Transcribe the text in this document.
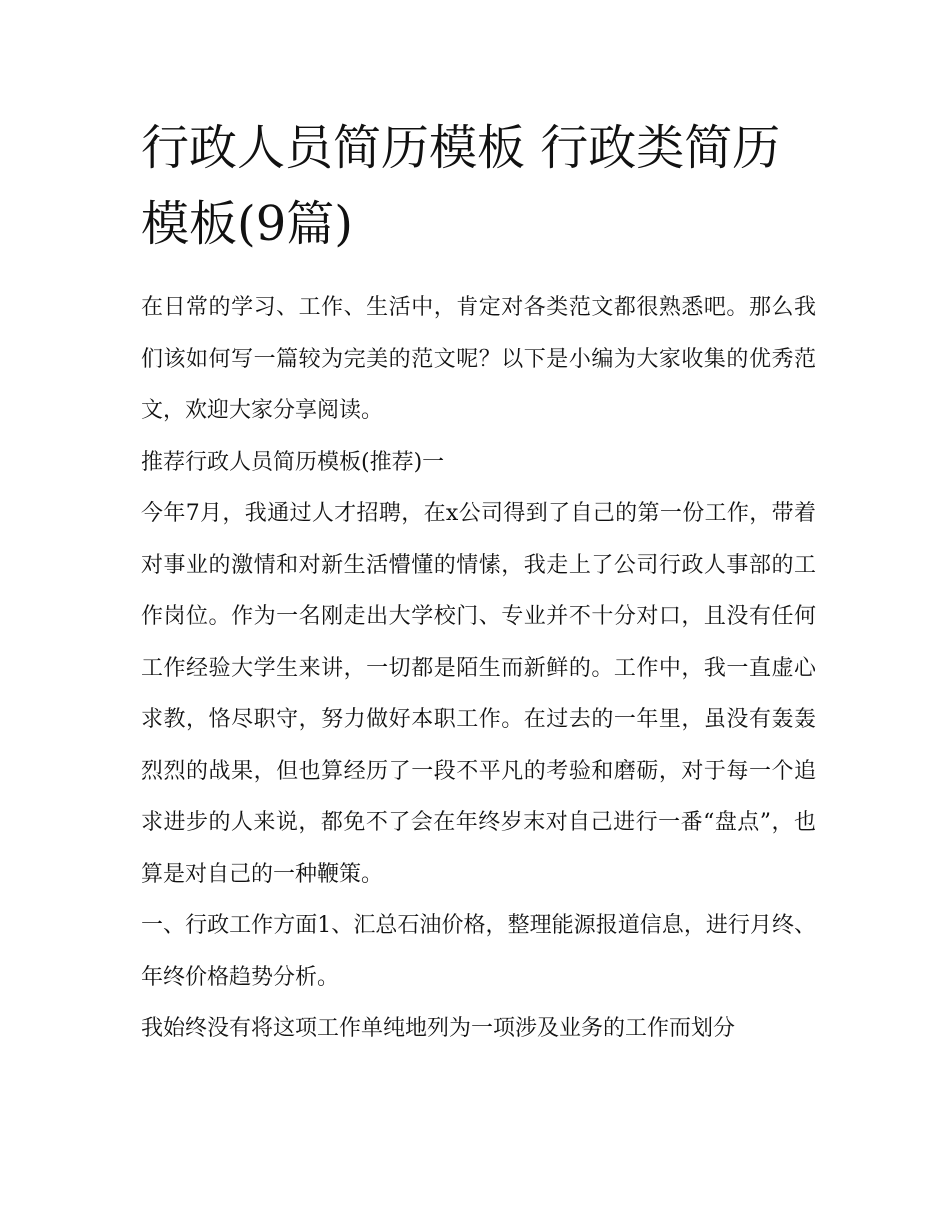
行政人员简历模板 行政类简历模板(9篇)

在日常的学习、工作、生活中，肯定对各类范文都很熟悉吧。那么我们该如何写一篇较为完美的范文呢？以下是小编为大家收集的优秀范文，欢迎大家分享阅读。

推荐行政人员简历模板(推荐)一

今年7月，我通过人才招聘，在x公司得到了自己的第一份工作，带着对事业的激情和对新生活懵懂的情愫，我走上了公司行政人事部的工作岗位。作为一名刚走出大学校门、专业并不十分对口，且没有任何工作经验大学生来讲，一切都是陌生而新鲜的。工作中，我一直虚心求教，恪尽职守，努力做好本职工作。在过去的一年里，虽没有轰轰烈烈的战果，但也算经历了一段不平凡的考验和磨砺，对于每一个追求进步的人来说，都免不了会在年终岁末对自己进行一番“盘点”，也算是对自己的一种鞭策。

一、行政工作方面1、汇总石油价格，整理能源报道信息，进行月终、年终价格趋势分析。

我始终没有将这项工作单纯地列为一项涉及业务的工作而划分
